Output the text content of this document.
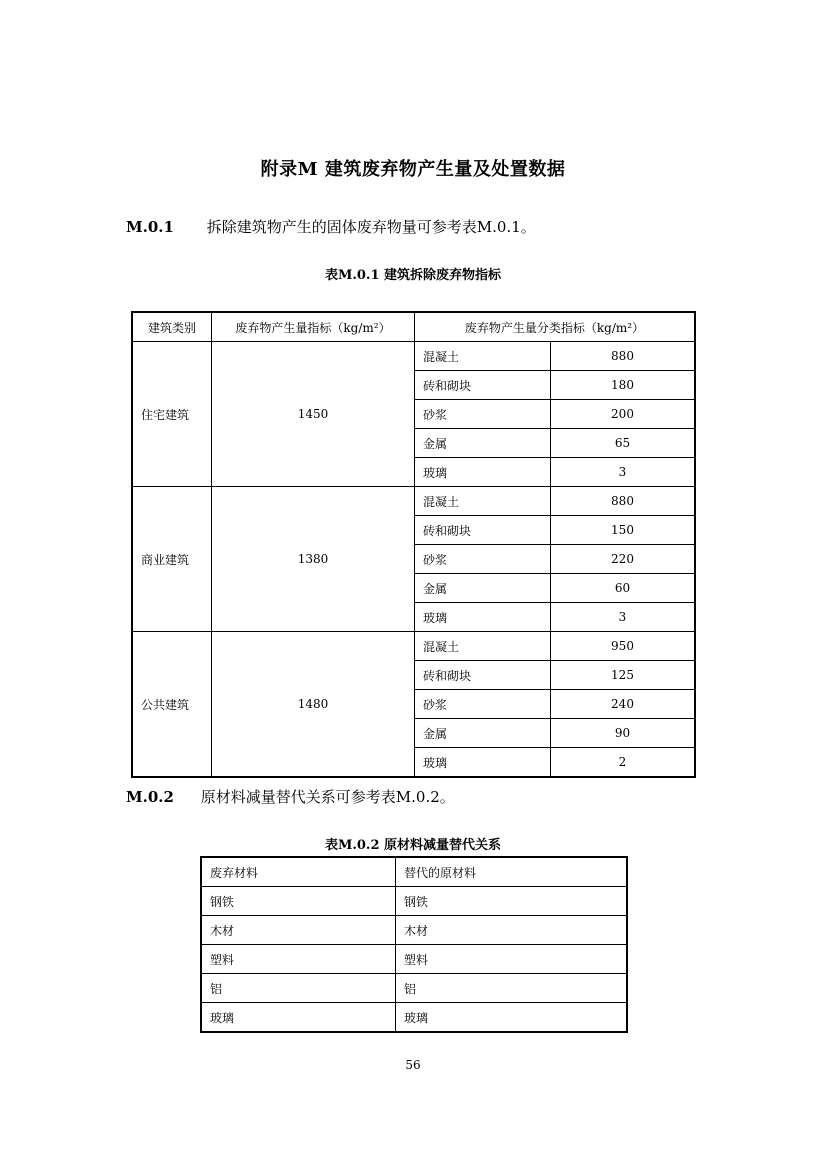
附录M 建筑废弃物产生量及处置数据
M.0.1 拆除建筑物产生的固体废弃物量可参考表M.0.1。
表M.0.1 建筑拆除废弃物指标
建筑类别	废弃物产生量指标（kg/m²）	废弃物产生量分类指标（kg/m²）	
住宅建筑	1450	混凝土	880
		砖和砌块	180
		砂浆	200
		金属	65
		玻璃	3
商业建筑	1380	混凝土	880
		砖和砌块	150
		砂浆	220
		金属	60
		玻璃	3
公共建筑	1480	混凝土	950
		砖和砌块	125
		砂浆	240
		金属	90
		玻璃	2
M.0.2 原材料减量替代关系可参考表M.0.2。
表M.0.2 原材料减量替代关系
废弃材料	替代的原材料
钢铁	钢铁
木材	木材
塑料	塑料
铝	铝
玻璃	玻璃
56
